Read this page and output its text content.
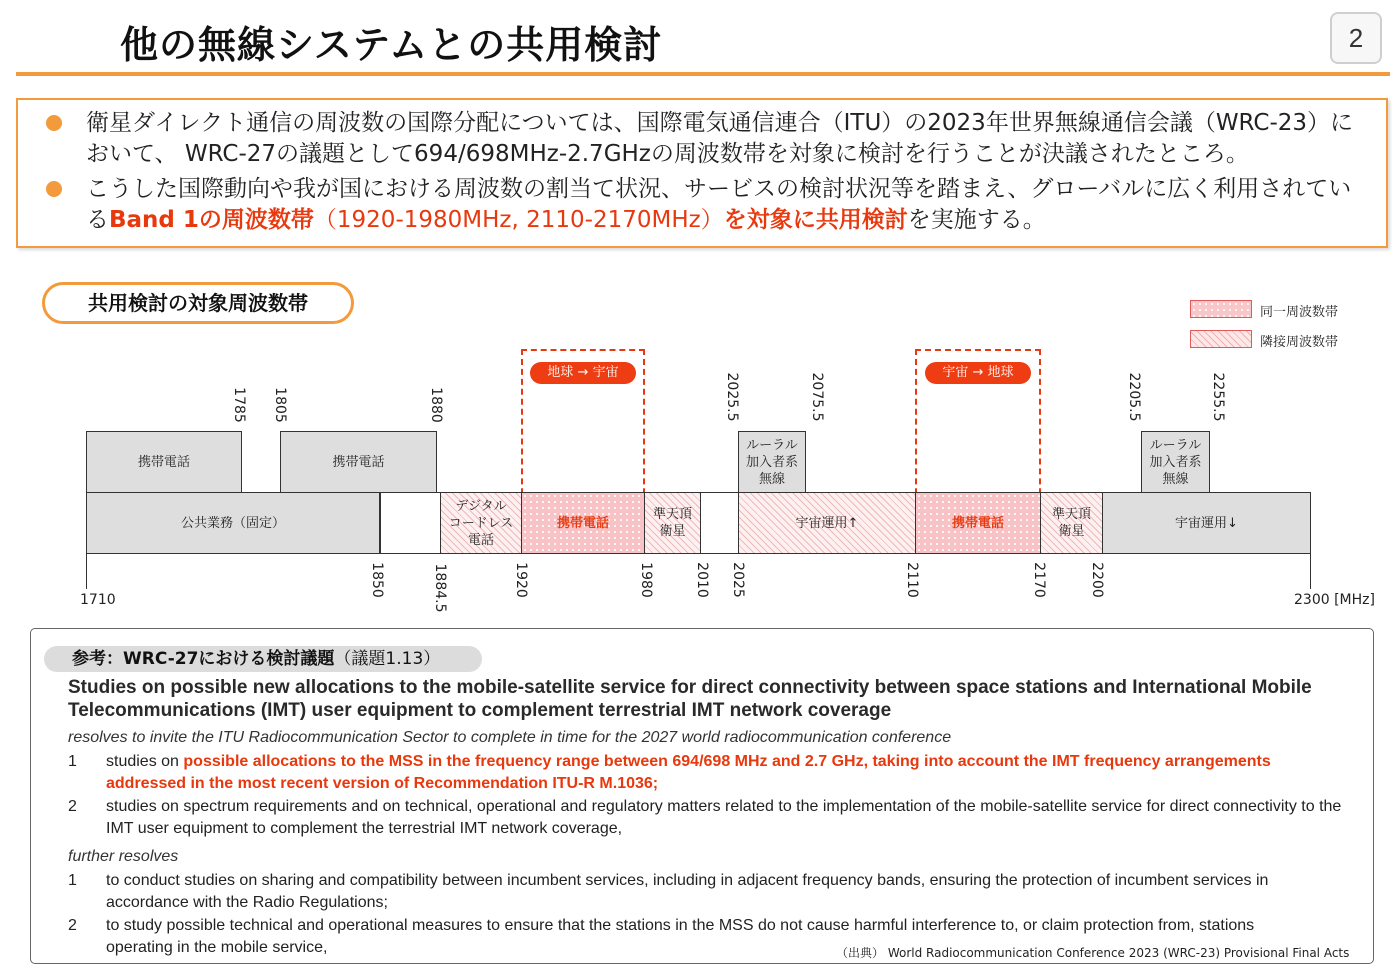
他の無線システムとの共用検討	2
衛星ダイレクト通信の周波数の国際分配については、国際電気通信連合（ITU）の2023年世界無線通信会議（WRC-23）において、 WRC-27の議題として694/698MHz-2.7GHzの周波数帯を対象に検討を行うことが決議されたところ。
こうした国際動向や我が国における周波数の割当て状況、サービスの検討状況等を踏まえ、グローバルに広く利用されているBand 1の周波数帯（1920-1980MHz, 2110-2170MHz）を対象に共用検討を実施する。
共用検討の対象周波数帯	同一周波数帯
隣接周波数帯
地球 → 宇宙	宇宙 → 地球
携帯電話	携帯電話
ルーラル
加入者系
無線
ルーラル
加入者系
無線
公共業務（固定）
デジタル
コードレス
電話
携帯電話
準天頂
衛星
宇宙運用↑	携帯電話
準天頂
衛星
宇宙運用↓
1785 1805	1880	2025.5	2075.5	2205.5	2255.5
1850	1884.5	1920	1980	2010 2025	2110	2170	2200
1710	2300 [MHz]
参考：WRC-27における検討議題（議題1.13）
Studies on possible new allocations to the mobile-satellite service for direct connectivity between space stations and International Mobile Telecommunications (IMT) user equipment to complement terrestrial IMT network coverage
resolves to invite the ITU Radiocommunication Sector to complete in time for the 2027 world radiocommunication conference
1	studies on possible allocations to the MSS in the frequency range between 694/698 MHz and 2.7 GHz, taking into account the IMT frequency arrangements addressed in the most recent version of Recommendation ITU-R M.1036;
2	studies on spectrum requirements and on technical, operational and regulatory matters related to the implementation of the mobile-satellite service for direct connectivity to the IMT user equipment to complement the terrestrial IMT network coverage,
further resolves
1	to conduct studies on sharing and compatibility between incumbent services, including in adjacent frequency bands, ensuring the protection of incumbent services in accordance with the Radio Regulations;
2	to study possible technical and operational measures to ensure that the stations in the MSS do not cause harmful interference to, or claim protection from, stations operating in the mobile service,	（出典） World Radiocommunication Conference 2023 (WRC-23) Provisional Final Acts
